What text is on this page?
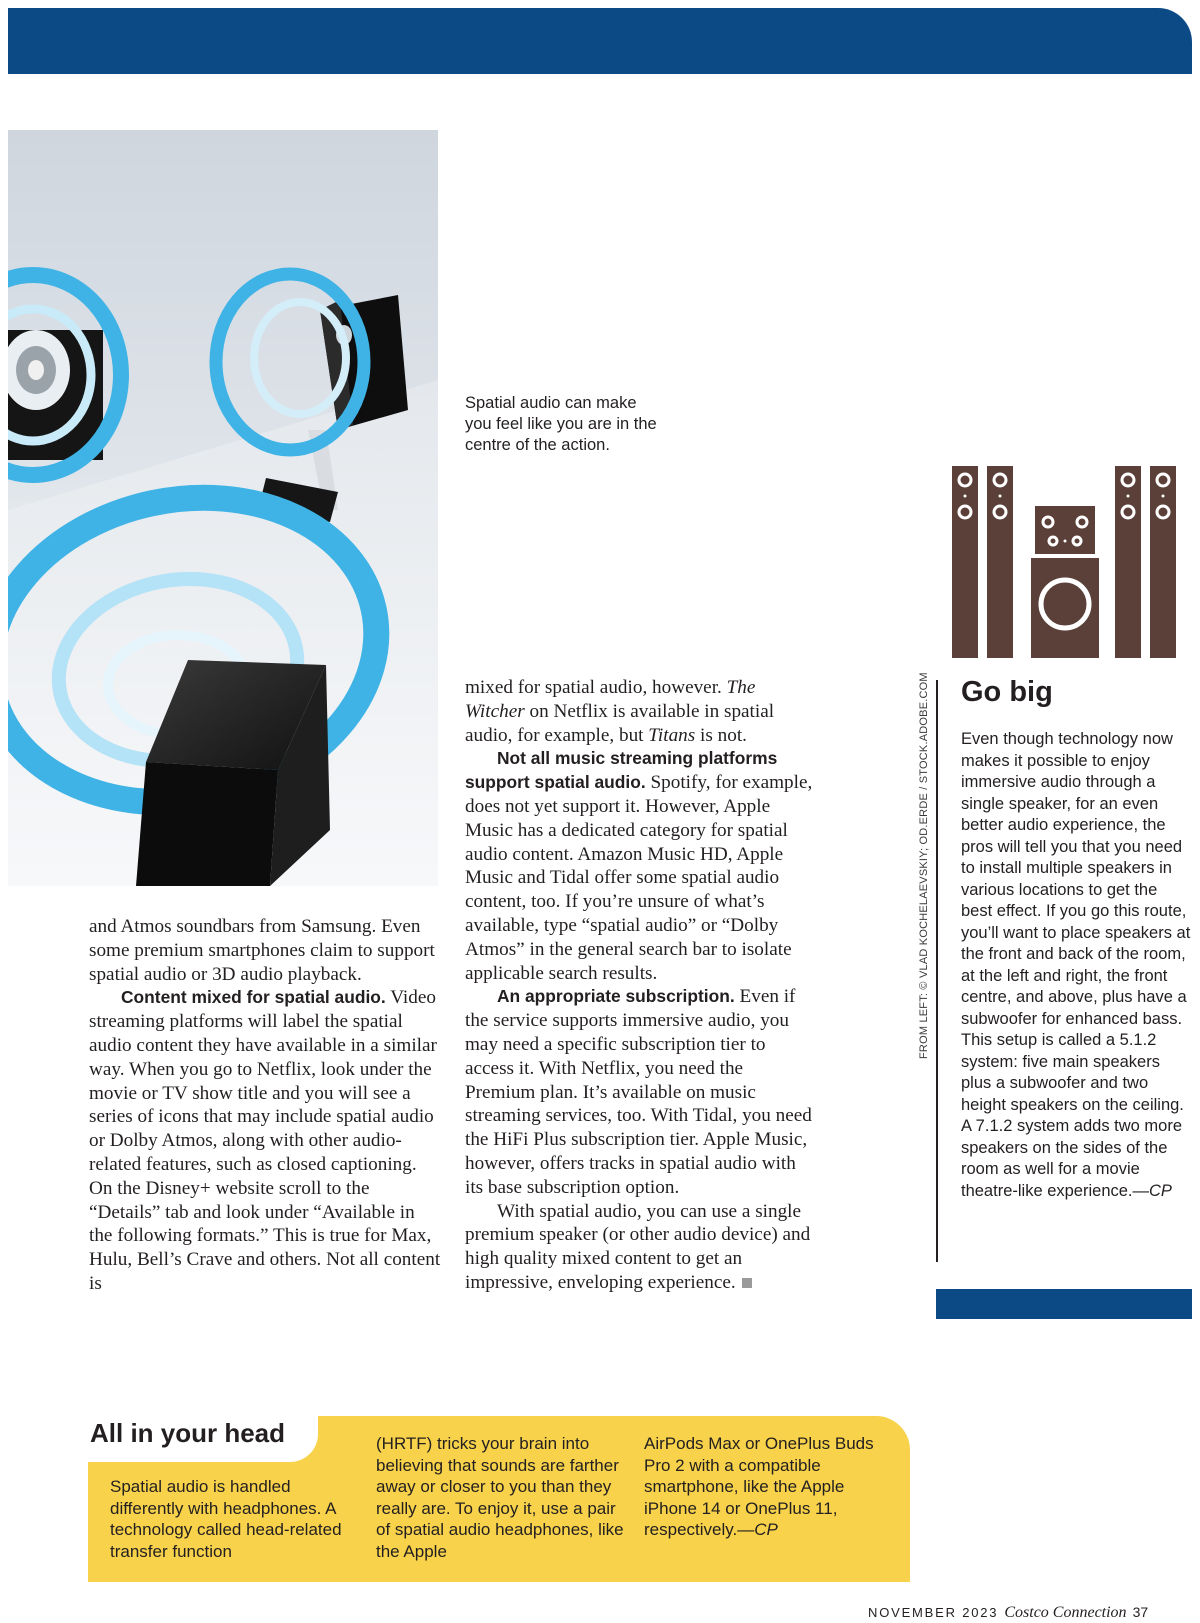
Spatial audio can make you feel like you are in the centre of the action.

and Atmos soundbars from Samsung. Even some premium smartphones claim to support spatial audio or 3D audio playback.

Content mixed for spatial audio. Video streaming platforms will label the spatial audio content they have available in a similar way. When you go to Netflix, look under the movie or TV show title and you will see a series of icons that may include spatial audio or Dolby Atmos, along with other audio-related features, such as closed captioning. On the Disney+ website scroll to the “Details” tab and look under “Available in the following formats.” This is true for Max, Hulu, Bell’s Crave and others. Not all content is

mixed for spatial audio, however. The Witcher on Netflix is available in spatial audio, for example, but Titans is not.

Not all music streaming platforms support spatial audio. Spotify, for example, does not yet support it. However, Apple Music has a dedicated category for spatial audio content. Amazon Music HD, Apple Music and Tidal offer some spatial audio content, too. If you’re unsure of what’s available, type “spatial audio” or “Dolby Atmos” in the general search bar to isolate applicable search results.

An appropriate subscription. Even if the service supports immersive audio, you may need a specific subscription tier to access it. With Netflix, you need the Premium plan. It’s available on music streaming services, too. With Tidal, you need the HiFi Plus subscription tier. Apple Music, however, offers tracks in spatial audio with its base subscription option.

With spatial audio, you can use a single premium speaker (or other audio device) and high quality mixed content to get an impressive, enveloping experience.

FROM LEFT: © VLAD KOCHELAEVSKIY; OD.ERDE / STOCK.ADOBE.COM Go big
Even though technology now makes it possible to enjoy immersive audio through a single speaker, for an even better audio experience, the pros will tell you that you need to install multiple speakers in various locations to get the best effect. If you go this route, you’ll want to place speakers at the front and back of the room, at the left and right, the front centre, and above, plus have a subwoofer for enhanced bass. This setup is called a 5.1.2 system: five main speakers plus a subwoofer and two height speakers on the ceiling. A 7.1.2 system adds two more speakers on the sides of the room as well for a movie theatre-like experience.—CP
All in your head
Spatial audio is handled differently with headphones. A technology called head-related transfer function
(HRTF) tricks your brain into believing that sounds are farther away or closer to you than they really are. To enjoy it, use a pair of spatial audio headphones, like the Apple
AirPods Max or OnePlus Buds Pro 2 with a compatible smartphone, like the Apple iPhone 14 or OnePlus 11, respectively.—CP
NOVEMBER 2023 Costco Connection 37
